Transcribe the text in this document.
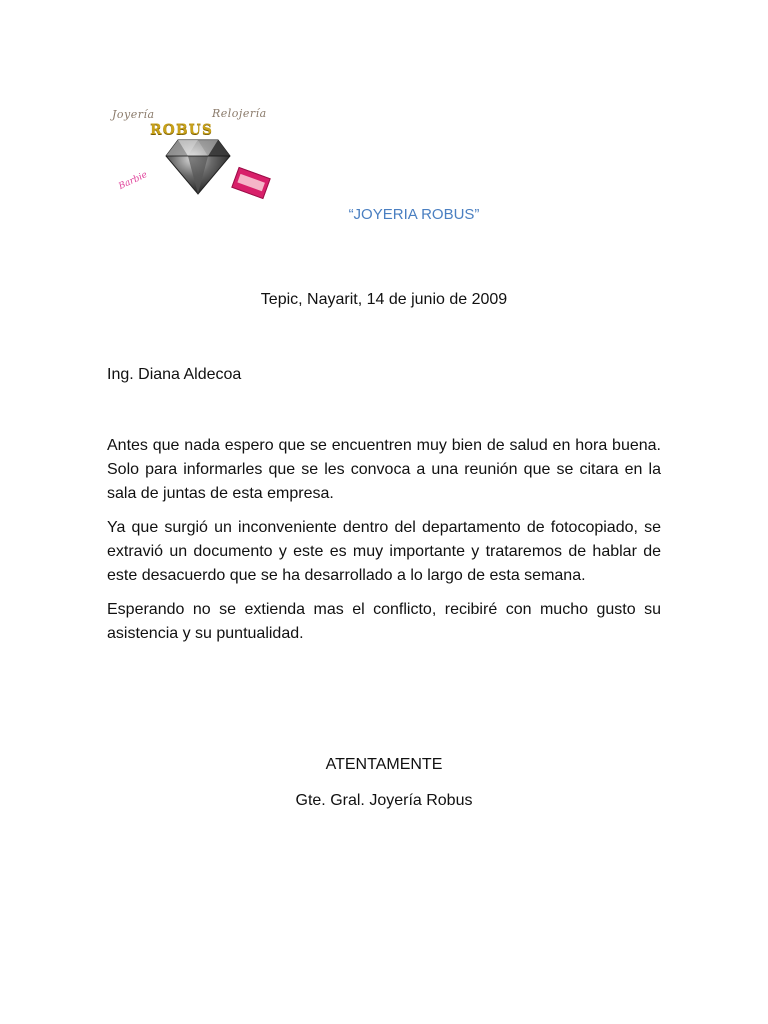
Joyería	Relojería
ROBUS
Barbie
“JOYERIA ROBUS”
Tepic, Nayarit, 14 de junio de 2009
Ing. Diana Aldecoa

Antes que nada espero que se encuentren muy bien de salud en hora buena. Solo para informarles que se les convoca a una reunión que se citara en la sala de juntas de esta empresa.

Ya que surgió un inconveniente dentro del departamento de fotocopiado, se extravió un documento y este es muy importante y trataremos de hablar de este desacuerdo que se ha desarrollado a lo largo de esta semana.

Esperando no se extienda mas el conflicto, recibiré con mucho gusto su asistencia y su puntualidad.

ATENTAMENTE
Gte. Gral. Joyería Robus
